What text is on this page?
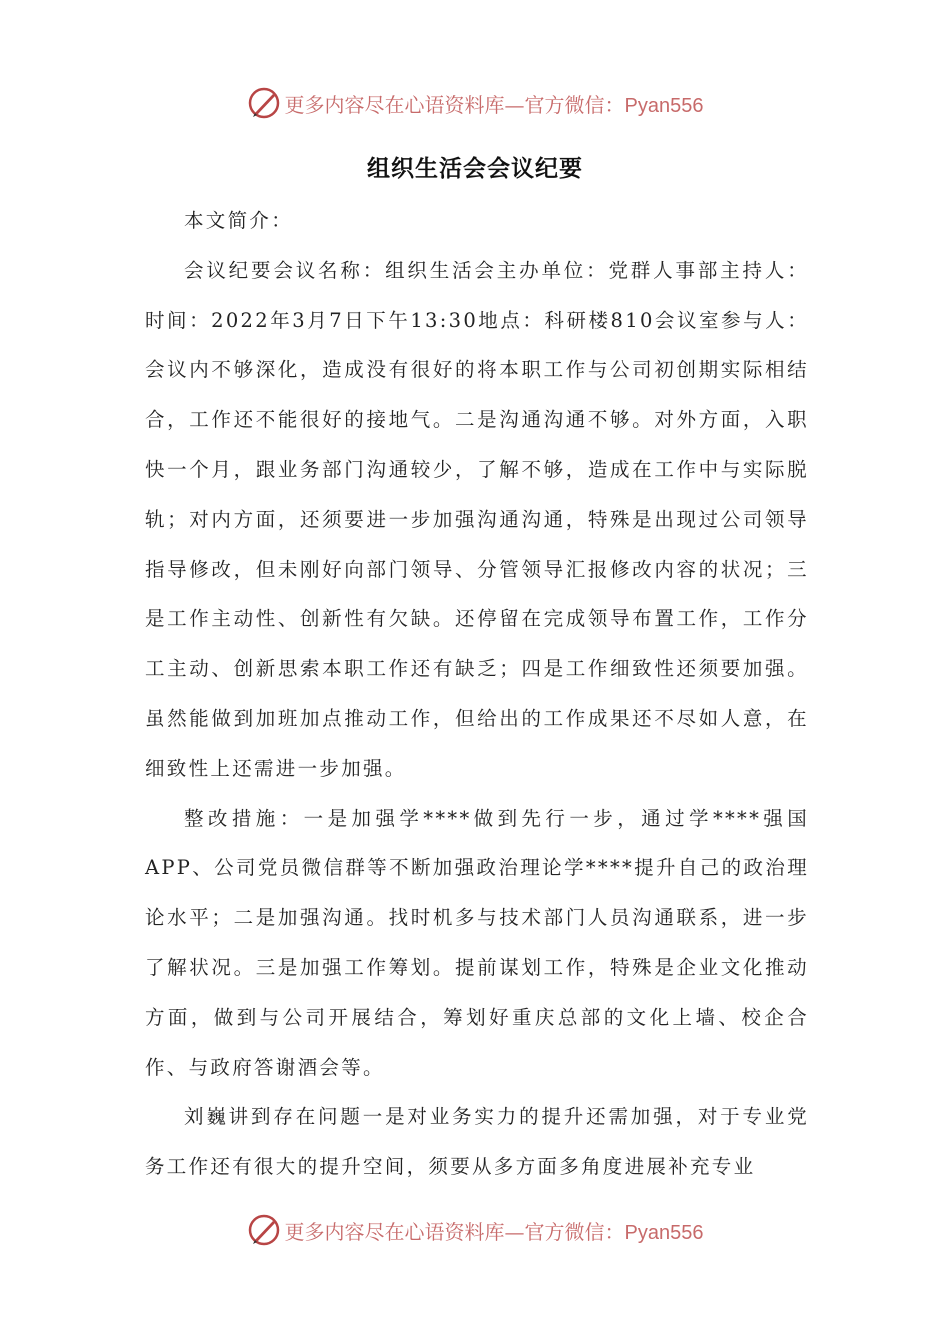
更多内容尽在心语资料库—官方微信：Pyan556
组织生活会会议纪要

本文简介：

会议纪要会议名称：组织生活会主办单位：党群人事部主持人：时间：2022年3月7日下午13:30地点：科研楼810会议室参与人：会议内不够深化，造成没有很好的将本职工作与公司初创期实际相结合，工作还不能很好的接地气。二是沟通沟通不够。对外方面，入职快一个月，跟业务部门沟通较少，了解不够，造成在工作中与实际脱轨；对内方面，还须要进一步加强沟通沟通，特殊是出现过公司领导指导修改，但未刚好向部门领导、分管领导汇报修改内容的状况；三是工作主动性、创新性有欠缺。还停留在完成领导布置工作，工作分工主动、创新思索本职工作还有缺乏；四是工作细致性还须要加强。虽然能做到加班加点推动工作，但给出的工作成果还不尽如人意，在细致性上还需进一步加强。

整改措施：一是加强学****做到先行一步，通过学****强国APP、公司党员微信群等不断加强政治理论学****提升自己的政治理论水平；二是加强沟通。找时机多与技术部门人员沟通联系，进一步了解状况。三是加强工作筹划。提前谋划工作，特殊是企业文化推动方面，做到与公司开展结合，筹划好重庆总部的文化上墙、校企合作、与政府答谢酒会等。

刘巍讲到存在问题一是对业务实力的提升还需加强，对于专业党务工作还有很大的提升空间，须要从多方面多角度进展补充专业

更多内容尽在心语资料库—官方微信：Pyan556
